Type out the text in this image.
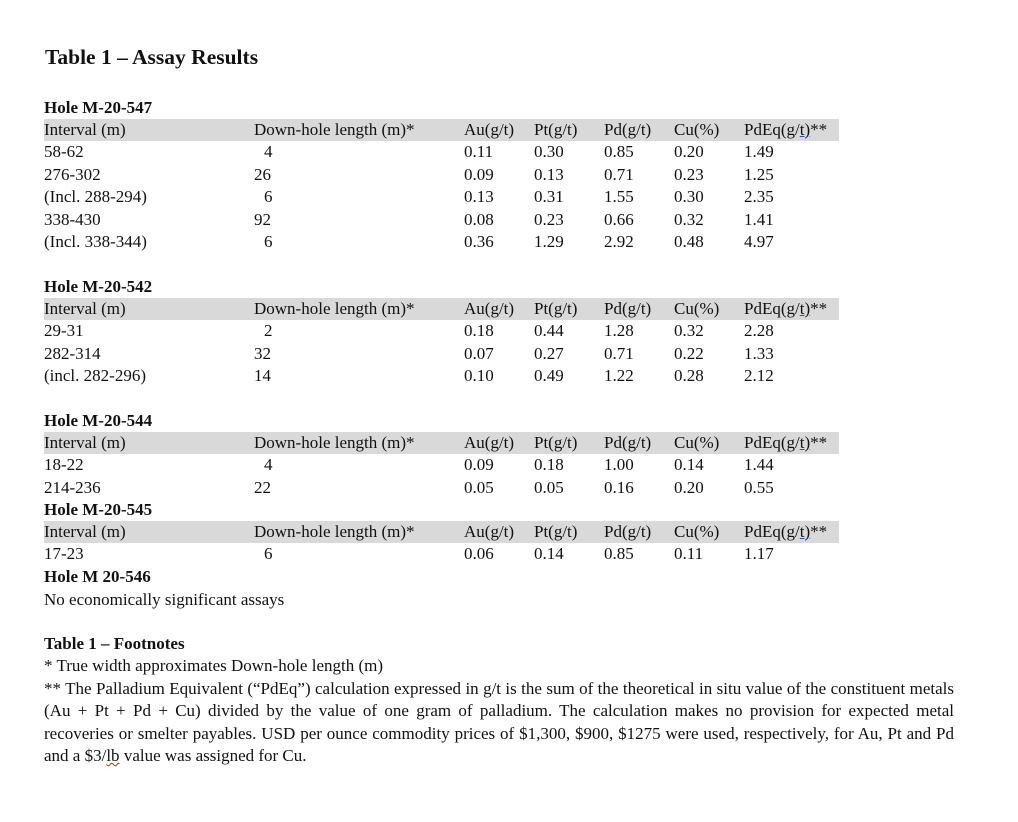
Table 1 – Assay Results
Hole M-20-547
Interval (m)	Down-hole length (m)*	Au(g/t) Pt(g/t) Pd(g/t) Cu(%) PdEq(g/t)**
58-62	4	0.11 0.30 0.85 0.20 1.49
276-302	26	0.09 0.13 0.71 0.23 1.25
(Incl. 288-294)	6	0.13 0.31 1.55 0.30 2.35
338-430	92	0.08 0.23 0.66 0.32 1.41
(Incl. 338-344)	6	0.36 1.29 2.92 0.48 4.97
Hole M-20-542
Interval (m)	Down-hole length (m)*	Au(g/t) Pt(g/t) Pd(g/t) Cu(%) PdEq(g/t)**
29-31	2	0.18 0.44 1.28 0.32 2.28
282-314	32	0.07 0.27 0.71 0.22 1.33
(incl. 282-296)	14	0.10 0.49 1.22 0.28 2.12
Hole M-20-544
Interval (m)	Down-hole length (m)*	Au(g/t) Pt(g/t) Pd(g/t) Cu(%) PdEq(g/t)**
18-22	4	0.09 0.18 1.00 0.14 1.44
214-236	22	0.05 0.05 0.16 0.20 0.55
Hole M-20-545
Interval (m)	Down-hole length (m)*	Au(g/t) Pt(g/t) Pd(g/t) Cu(%) PdEq(g/t)**
17-23	6	0.06 0.14 0.85 0.11 1.17
Hole M 20-546
No economically significant assays
Table 1 – Footnotes
* True width approximates Down-hole length (m)
** The Palladium Equivalent (“PdEq”) calculation expressed in g/t is the sum of the theoretical in situ value of the constituent metals (Au + Pt + Pd + Cu) divided by the value of one gram of palladium. The calculation makes no provision for expected metal recoveries or smelter payables. USD per ounce commodity prices of $1,300, $900, $1275 were used, respectively, for Au, Pt and Pd and a $3/lb value was assigned for Cu.
